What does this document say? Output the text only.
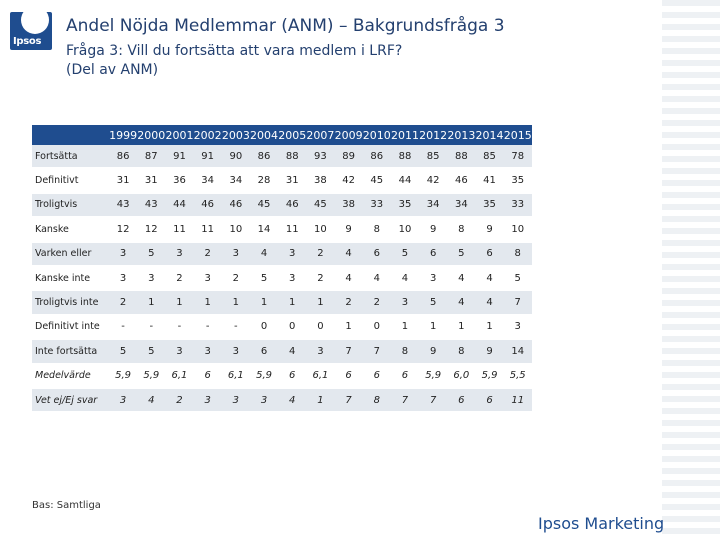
Ipsos
Andel Nöjda Medlemmar (ANM) – Bakgrundsfråga 3
Fråga 3: Vill du fortsätta att vara medlem i LRF?
(Del av ANM)
	1999	2000	2001	2002	2003	2004	2005	2007	2009	2010	2011	2012	2013	2014	2015
Fortsätta	86	87	91	91	90	86	88	93	89	86	88	85	88	85	78
Definitivt	31	31	36	34	34	28	31	38	42	45	44	42	46	41	35
Troligtvis	43	43	44	46	46	45	46	45	38	33	35	34	34	35	33
Kanske	12	12	11	11	10	14	11	10	9	8	10	9	8	9	10
Varken eller	3	5	3	2	3	4	3	2	4	6	5	6	5	6	8
Kanske inte	3	3	2	3	2	5	3	2	4	4	4	3	4	4	5
Troligtvis inte	2	1	1	1	1	1	1	1	2	2	3	5	4	4	7
Definitivt inte	-	-	-	-	-	0	0	0	1	0	1	1	1	1	3
Inte fortsätta	5	5	3	3	3	6	4	3	7	7	8	9	8	9	14
Medelvärde	5,9	5,9	6,1	6	6,1	5,9	6	6,1	6	6	6	5,9	6,0	5,9	5,5
Vet ej/Ej svar	3	4	2	3	3	3	4	1	7	8	7	7	6	6	11
Bas: Samtliga
Ipsos Marketing
